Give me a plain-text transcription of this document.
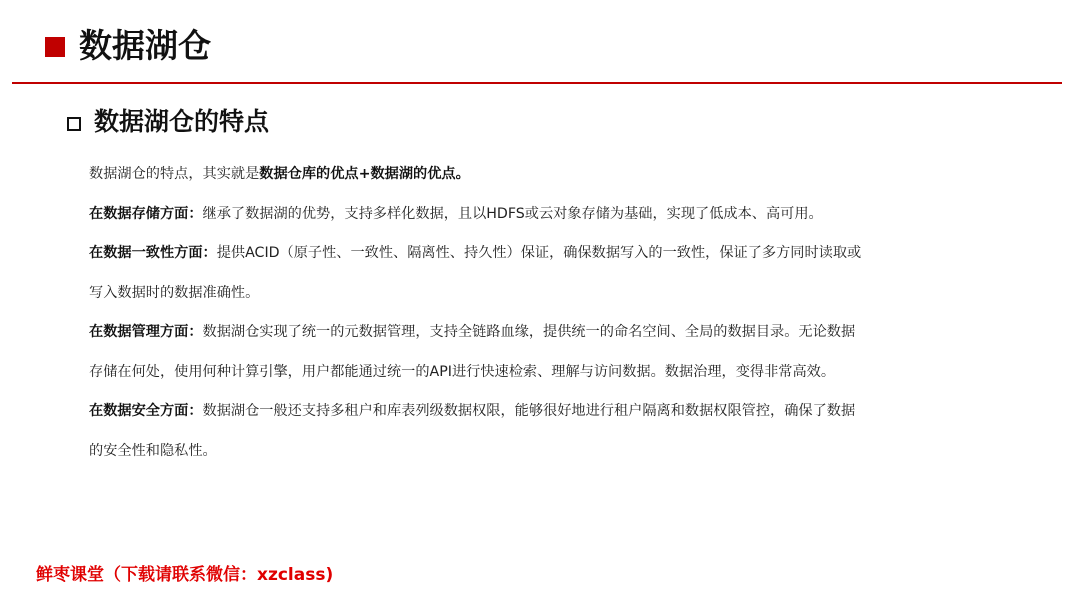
数据湖仓
数据湖仓的特点
数据湖仓的特点，其实就是数据仓库的优点+数据湖的优点。
在数据存储方面：继承了数据湖的优势，支持多样化数据，且以HDFS或云对象存储为基础，实现了低成本、高可用。
在数据一致性方面：提供ACID（原子性、一致性、隔离性、持久性）保证，确保数据写入的一致性，保证了多方同时读取或
写入数据时的数据准确性。
在数据管理方面：数据湖仓实现了统一的元数据管理，支持全链路血缘，提供统一的命名空间、全局的数据目录。无论数据
存储在何处，使用何种计算引擎，用户都能通过统一的API进行快速检索、理解与访问数据。数据治理，变得非常高效。
在数据安全方面：数据湖仓一般还支持多租户和库表列级数据权限，能够很好地进行租户隔离和数据权限管控，确保了数据
的安全性和隐私性。
鲜枣课堂（下载请联系微信：xzclass)
